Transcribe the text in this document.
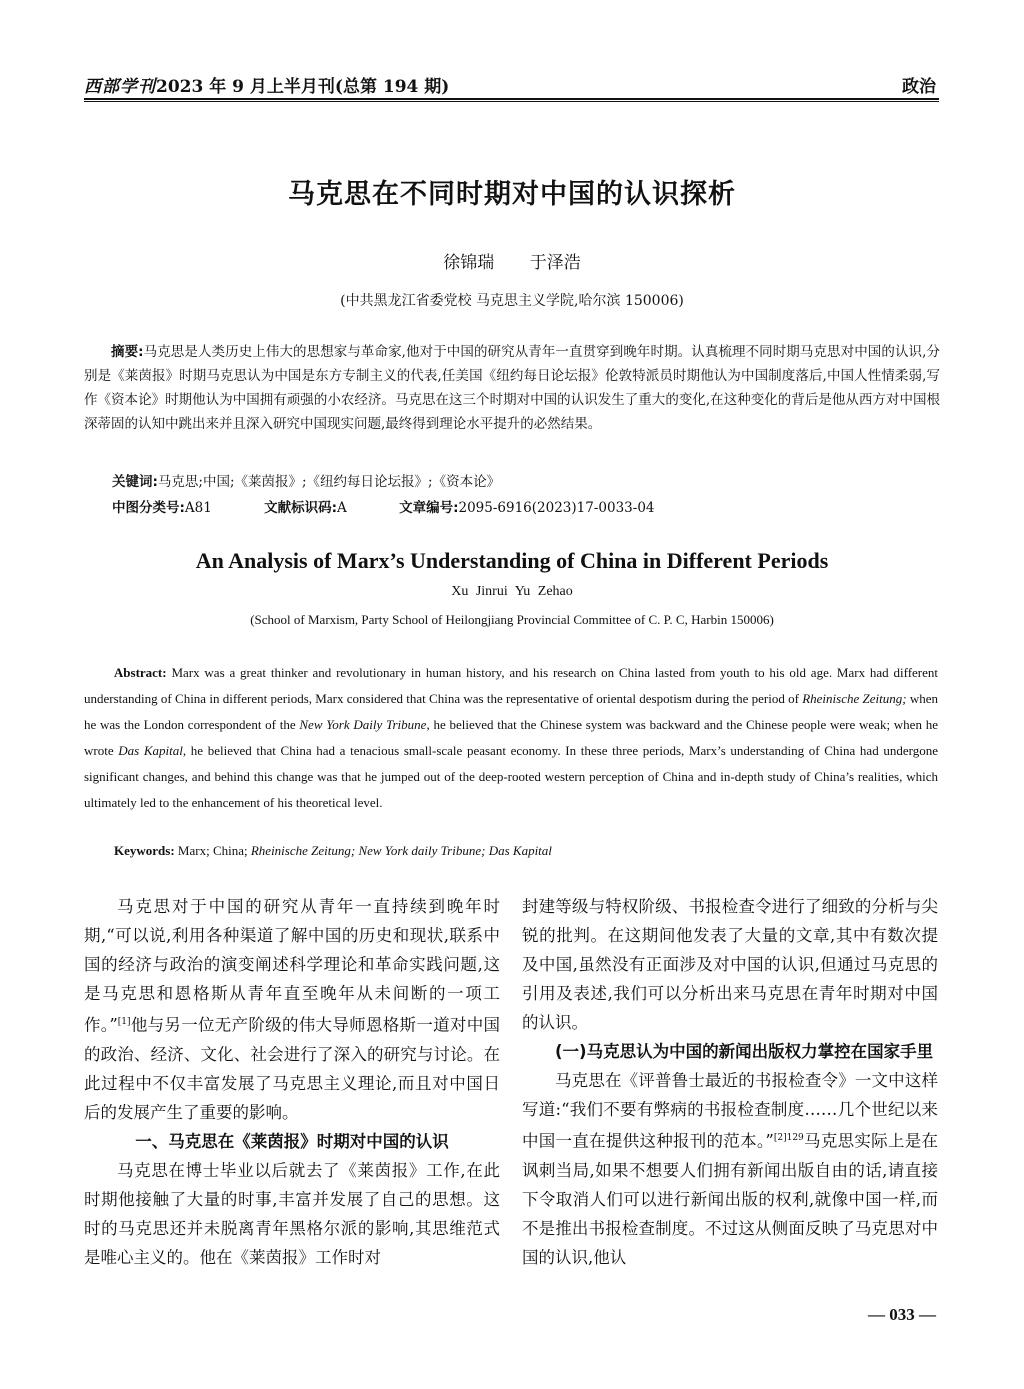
西部学刊2023 年 9 月上半月刊(总第 194 期)	政治
马克思在不同时期对中国的认识探析
徐锦瑞 于泽浩
(中共黑龙江省委党校 马克思主义学院,哈尔滨 150006)

摘要:马克思是人类历史上伟大的思想家与革命家,他对于中国的研究从青年一直贯穿到晚年时期。认真梳理不同时期马克思对中国的认识,分别是《莱茵报》时期马克思认为中国是东方专制主义的代表,任美国《纽约每日论坛报》伦敦特派员时期他认为中国制度落后,中国人性情柔弱,写作《资本论》时期他认为中国拥有顽强的小农经济。马克思在这三个时期对中国的认识发生了重大的变化,在这种变化的背后是他从西方对中国根深蒂固的认知中跳出来并且深入研究中国现实问题,最终得到理论水平提升的必然结果。

关键词:马克思;中国;《莱茵报》;《纽约每日论坛报》;《资本论》
中图分类号:A81	文献标识码:A	文章编号:2095-6916(2023)17-0033-04
An Analysis of Marx’s Understanding of China in Different Periods
Xu Jinrui Yu Zehao
(School of Marxism, Party School of Heilongjiang Provincial Committee of C. P. C, Harbin 150006)

Abstract: Marx was a great thinker and revolutionary in human history, and his research on China lasted from youth to his old age. Marx had different understanding of China in different periods, Marx considered that China was the representative of oriental despotism during the period of Rheinische Zeitung; when he was the London correspondent of the New York Daily Tribune, he believed that the Chinese system was backward and the Chinese people were weak; when he wrote Das Kapital, he believed that China had a tenacious small-scale peasant economy. In these three periods, Marx’s understanding of China had undergone significant changes, and behind this change was that he jumped out of the deep-rooted western perception of China and in-depth study of China’s realities, which ultimately led to the enhancement of his theoretical level.

Keywords: Marx; China; Rheinische Zeitung; New York daily Tribune; Das Kapital

马克思对于中国的研究从青年一直持续到晚年时期,“可以说,利用各种渠道了解中国的历史和现状,联系中国的经济与政治的演变阐述科学理论和革命实践问题,这是马克思和恩格斯从青年直至晚年从未间断的一项工作。”[1]他与另一位无产阶级的伟大导师恩格斯一道对中国的政治、经济、文化、社会进行了深入的研究与讨论。在此过程中不仅丰富发展了马克思主义理论,而且对中国日后的发展产生了重要的影响。

一、马克思在《莱茵报》时期对中国的认识

马克思在博士毕业以后就去了《莱茵报》工作,在此时期他接触了大量的时事,丰富并发展了自己的思想。这时的马克思还并未脱离青年黑格尔派的影响,其思维范式是唯心主义的。他在《莱茵报》工作时对

封建等级与特权阶级、书报检查令进行了细致的分析与尖锐的批判。在这期间他发表了大量的文章,其中有数次提及中国,虽然没有正面涉及对中国的认识,但通过马克思的引用及表述,我们可以分析出来马克思在青年时期对中国的认识。

(一)马克思认为中国的新闻出版权力掌控在国家手里

马克思在《评普鲁士最近的书报检查令》一文中这样写道:“我们不要有弊病的书报检查制度……几个世纪以来中国一直在提供这种报刊的范本。”$^{[2]129}$马克思实际上是在讽刺当局,如果不想要人们拥有新闻出版自由的话,请直接下令取消人们可以进行新闻出版的权利,就像中国一样,而不是推出书报检查制度。不过这从侧面反映了马克思对中国的认识,他认

— 033 —
